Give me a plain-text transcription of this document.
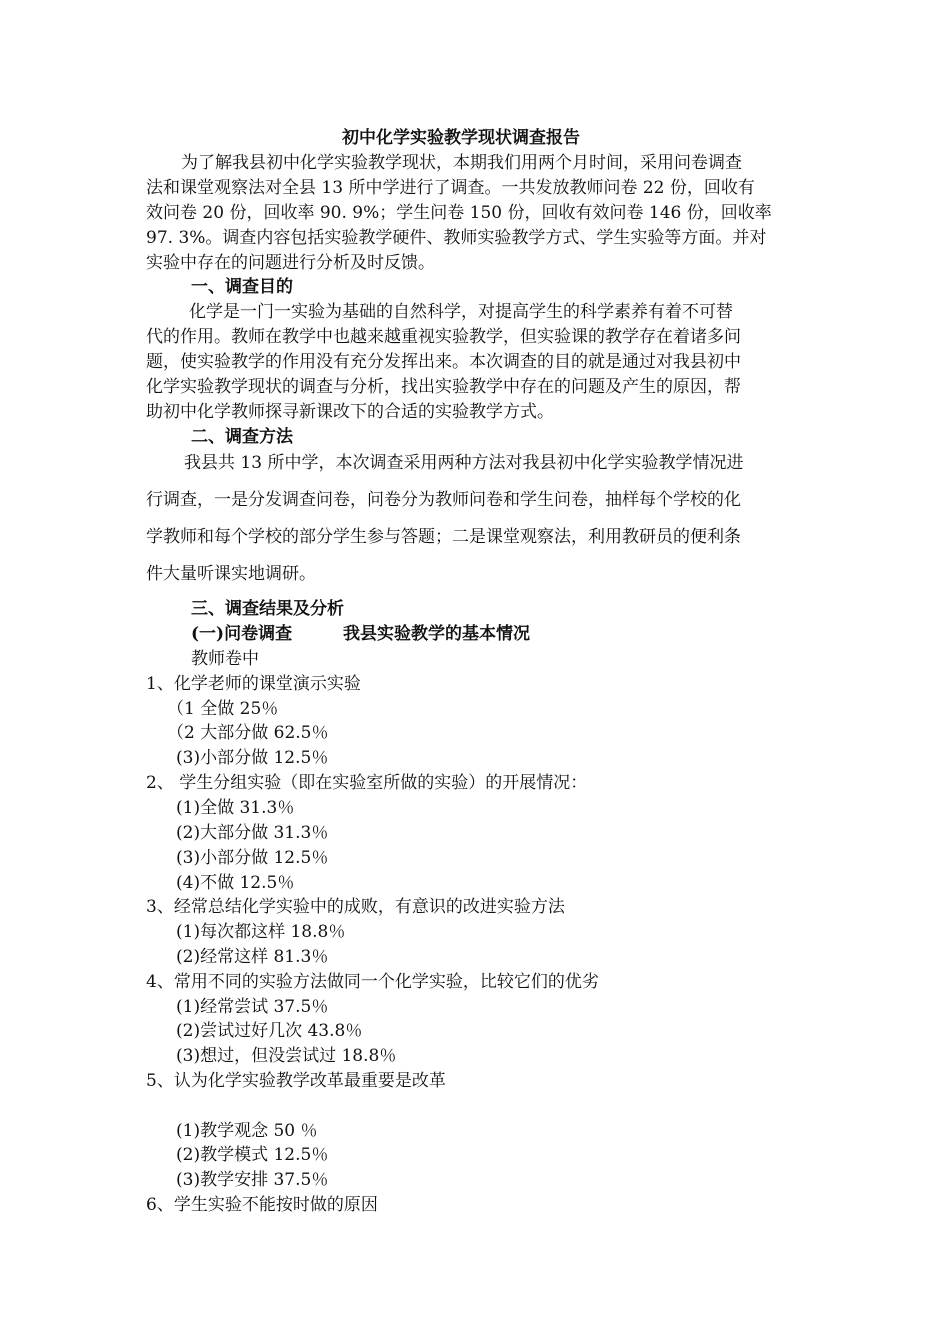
初中化学实验教学现状调查报告
为了解我县初中化学实验教学现状，本期我们用两个月时间，采用问卷调查
法和课堂观察法对全县 13 所中学进行了调查。一共发放教师问卷 22 份，回收有
效问卷 20 份，回收率 90. 9%；学生问卷 150 份，回收有效问卷 146 份，回收率
97. 3%。调查内容包括实验教学硬件、教师实验教学方式、学生实验等方面。并对
实验中存在的问题进行分析及时反馈。
一、调查目的
化学是一门一实验为基础的自然科学，对提高学生的科学素养有着不可替
代的作用。教师在教学中也越来越重视实验教学，但实验课的教学存在着诸多问
题，使实验教学的作用没有充分发挥出来。本次调查的目的就是通过对我县初中
化学实验教学现状的调查与分析，找出实验教学中存在的问题及产生的原因，帮
助初中化学教师探寻新课改下的合适的实验教学方式。
二、调查方法
我县共 13 所中学，本次调查采用两种方法对我县初中化学实验教学情况进
行调查，一是分发调查问卷，问卷分为教师问卷和学生问卷，抽样每个学校的化
学教师和每个学校的部分学生参与答题；二是课堂观察法，利用教研员的便利条
件大量听课实地调研。
三、调查结果及分析
(一)问卷调查	我县实验教学的基本情况
教师卷中
1、化学老师的课堂演示实验
（1 全做 25％
（2 大部分做 62.5％
(3)小部分做 12.5％
2、 学生分组实验（即在实验室所做的实验）的开展情况：
(1)全做 31.3％
(2)大部分做 31.3％
(3)小部分做 12.5％
(4)不做 12.5％
3、经常总结化学实验中的成败，有意识的改进实验方法
(1)每次都这样 18.8％
(2)经常这样 81.3％
4、常用不同的实验方法做同一个化学实验，比较它们的优劣
(1)经常尝试 37.5％
(2)尝试过好几次 43.8％
(3)想过，但没尝试过 18.8％
5、认为化学实验教学改革最重要是改革
(1)教学观念 50 ％
(2)教学模式 12.5％
(3)教学安排 37.5％
6、学生实验不能按时做的原因
